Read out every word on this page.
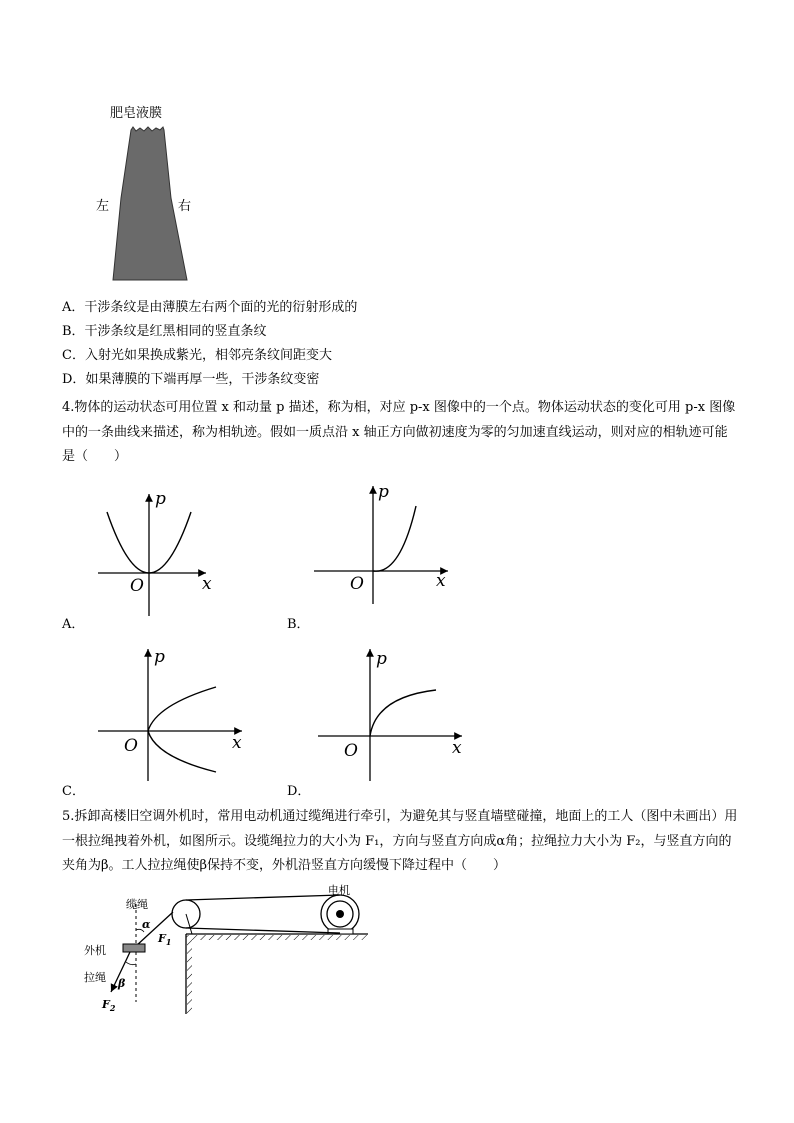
肥皂液膜
左	右
A．干涉条纹是由薄膜左右两个面的光的衍射形成的
B．干涉条纹是红黑相同的竖直条纹
C．入射光如果换成紫光，相邻亮条纹间距变大
D．如果薄膜的下端再厚一些，干涉条纹变密

4.物体的运动状态可用位置 x 和动量 p 描述，称为相，对应 p-x 图像中的一个点。物体运动状态的变化可用 p-x 图像中的一条曲线来描述，称为相轨迹。假如一质点沿 x 轴正方向做初速度为零的匀加速直线运动，则对应的相轨迹可能是（　　）

p
x
O
A．
p
x
O
B．
p
x
O
C．
p
x
O
D．

5.拆卸高楼旧空调外机时，常用电动机通过缆绳进行牵引，为避免其与竖直墙壁碰撞，地面上的工人（图中未画出）用一根拉绳拽着外机，如图所示。设缆绳拉力的大小为 F₁，方向与竖直方向成α角；拉绳拉力大小为 F₂，与竖直方向的夹角为β。工人拉拉绳使β保持不变，外机沿竖直方向缓慢下降过程中（　　）

电机
缆绳
α
$F_1$
外机
拉绳 β
$F_2$
